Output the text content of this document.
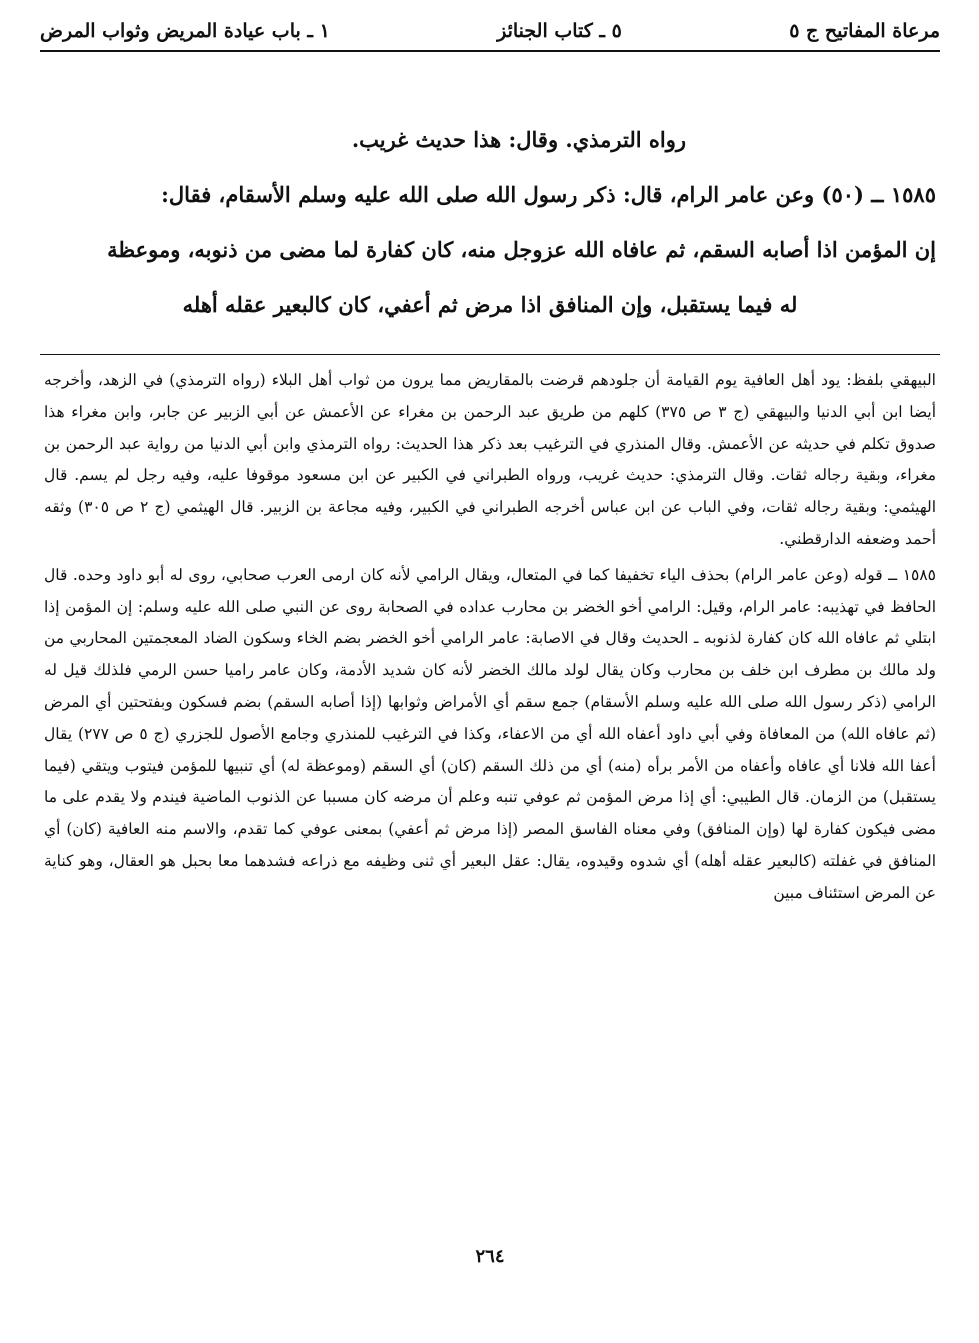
مرعاة المفاتيح ج ٥
٥ ـ كتاب الجنائز
١ ـ باب عيادة المريض وثواب المرض

رواه الترمذي. وقال: هذا حديث غريب.

١٥٨٥ ــ (٥٠) وعن عامر الرام، قال: ذكر رسول الله صلى الله عليه وسلم الأسقام، فقال:

إن المؤمن اذا أصابه السقم، ثم عافاه الله عزوجل منه، كان كفارة لما مضى من ذنوبه، وموعظة

له فيما يستقبل، وإن المنافق اذا مرض ثم أعفي، كان كالبعير عقله أهله

البيهقي بلفظ: يود أهل العافية يوم القيامة أن جلودهم قرضت بالمقاريض مما يرون من ثواب أهل البلاء (رواه الترمذي) في الزهد، وأخرجه أيضا ابن أبي الدنيا والبيهقي (ج ٣ ص ٣٧٥) كلهم من طريق عبد الرحمن بن مغراء عن الأعمش عن أبي الزبير عن جابر، وابن مغراء هذا صدوق تكلم في حديثه عن الأعمش. وقال المنذري في الترغيب بعد ذكر هذا الحديث: رواه الترمذي وابن أبي الدنيا من رواية عبد الرحمن بن مغراء، وبقية رجاله ثقات. وقال الترمذي: حديث غريب، ورواه الطبراني في الكبير عن ابن مسعود موقوفا عليه، وفيه رجل لم يسم. قال الهيثمي: وبقية رجاله ثقات، وفي الباب عن ابن عباس أخرجه الطبراني في الكبير، وفيه مجاعة بن الزبير. قال الهيثمي (ج ٢ ص ٣٠٥) وثقه أحمد وضعفه الدارقطني.

١٥٨٥ ــ قوله (وعن عامر الرام) بحذف الياء تخفيفا كما في المتعال، ويقال الرامي لأنه كان ارمى العرب صحابي، روى له أبو داود وحده. قال الحافظ في تهذيبه: عامر الرام، وقيل: الرامي أخو الخضر بن محارب عداده في الصحابة روى عن النبي صلى الله عليه وسلم: إن المؤمن إذا ابتلي ثم عافاه الله كان كفارة لذنوبه ـ الحديث وقال في الاصابة: عامر الرامي أخو الخضر بضم الخاء وسكون الضاد المعجمتين المحاربي من ولد مالك بن مطرف ابن خلف بن محارب وكان يقال لولد مالك الخضر لأنه كان شديد الأدمة، وكان عامر راميا حسن الرمي فلذلك قيل له الرامي (ذكر رسول الله صلى الله عليه وسلم الأسقام) جمع سقم أي الأمراض وثوابها (إذا أصابه السقم) بضم فسكون وبفتحتين أي المرض (ثم عافاه الله) من المعافاة وفي أبي داود أعفاه الله أي من الاعفاء، وكذا في الترغيب للمنذري وجامع الأصول للجزري (ج ٥ ص ٢٧٧) يقال أعفا الله فلانا أي عافاه وأعفاه من الأمر برأه (منه) أي من ذلك السقم (كان) أي السقم (وموعظة له) أي تنبيها للمؤمن فيتوب ويتقي (فيما يستقبل) من الزمان. قال الطيبي: أي إذا مرض المؤمن ثم عوفي تنبه وعلم أن مرضه كان مسببا عن الذنوب الماضية فيندم ولا يقدم على ما مضى فيكون كفارة لها (وإن المنافق) وفي معناه الفاسق المصر (إذا مرض ثم أعفي) بمعنى عوفي كما تقدم، والاسم منه العافية (كان) أي المنافق في غفلته (كالبعير عقله أهله) أي شدوه وقيدوه، يقال: عقل البعير أي ثنى وظيفه مع ذراعه فشدهما معا بحبل هو العقال، وهو كناية عن المرض استئناف مبين

٢٦٤
